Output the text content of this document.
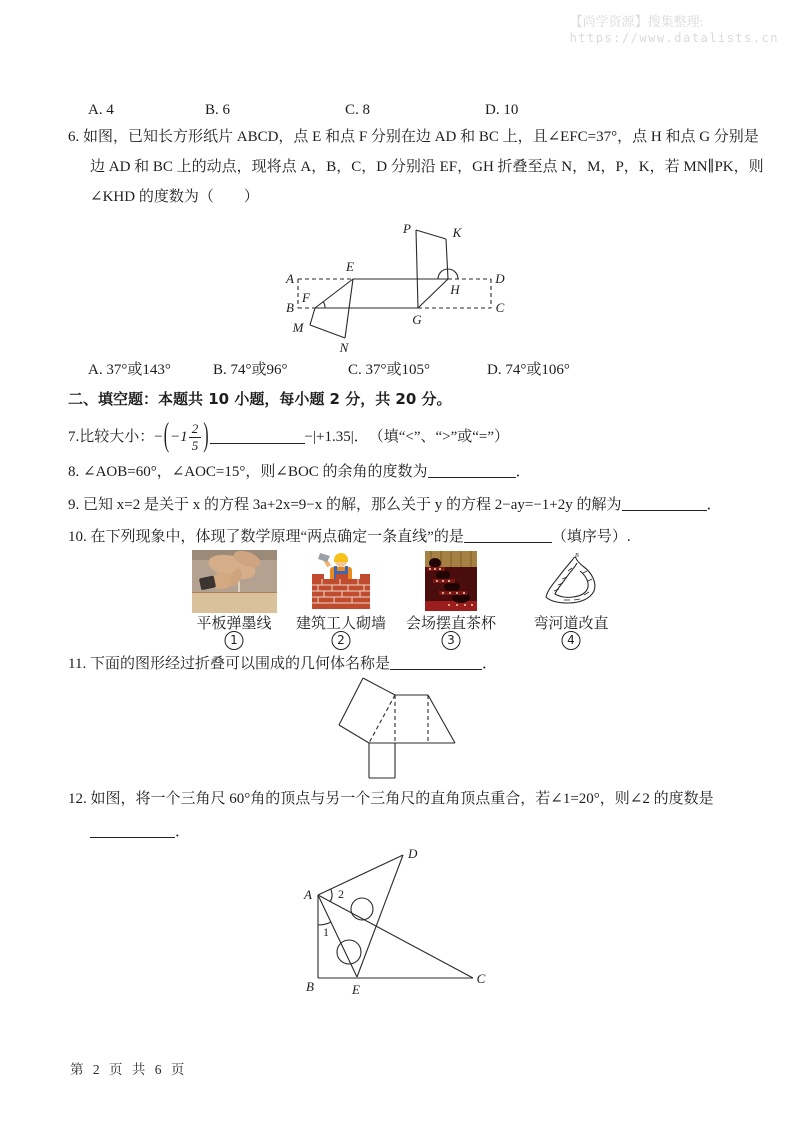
【尚学资源】搜集整理:
https://www.datalists.cn
A. 4	B. 6	C. 8	D. 10
6. 如图，已知长方形纸片 ABCD，点 E 和点 F 分别在边 AD 和 BC 上，且∠EFC=37°，点 H 和点 G 分别是
边 AD 和 BC 上的动点，现将点 A，B，C，D 分别沿 EF，GH 折叠至点 N，M，P，K，若 MN∥PK，则
∠KHD 的度数为（　　）
A
B	C
D
E
F
G
H
P	K
M
N
A. 37°或143°	B. 74°或96°	C. 37°或105°	D. 74°或106°
二、填空题：本题共 10 小题，每小题 2 分，共 20 分。
7. 比较大小： − ( $-1 \frac{2}{5}$ )	−|+1.35|． （填“<”、“>”或“=”）
8. ∠AOB=60°，∠AOC=15°，则∠BOC 的余角的度数为	．
9. 已知 x=2 是关于 x 的方程 3a+2x=9−x 的解，那么关于 y 的方程 2−ay=−1+2y 的解为	．
10. 在下列现象中，体现了数学原理“两点确定一条直线”的是	（填序号）.
B
平板弹墨线 建筑工人砌墙 会场摆直茶杯 弯河道改直
1	2	3	4
11. 下面的图形经过折叠可以围成的几何体名称是	．
12. 如图，将一个三角尺 60°角的顶点与另一个三角尺的直角顶点重合，若∠1=20°，则∠2 的度数是
．
A
D
B	E
C
2
1
第 2 页 共 6 页
